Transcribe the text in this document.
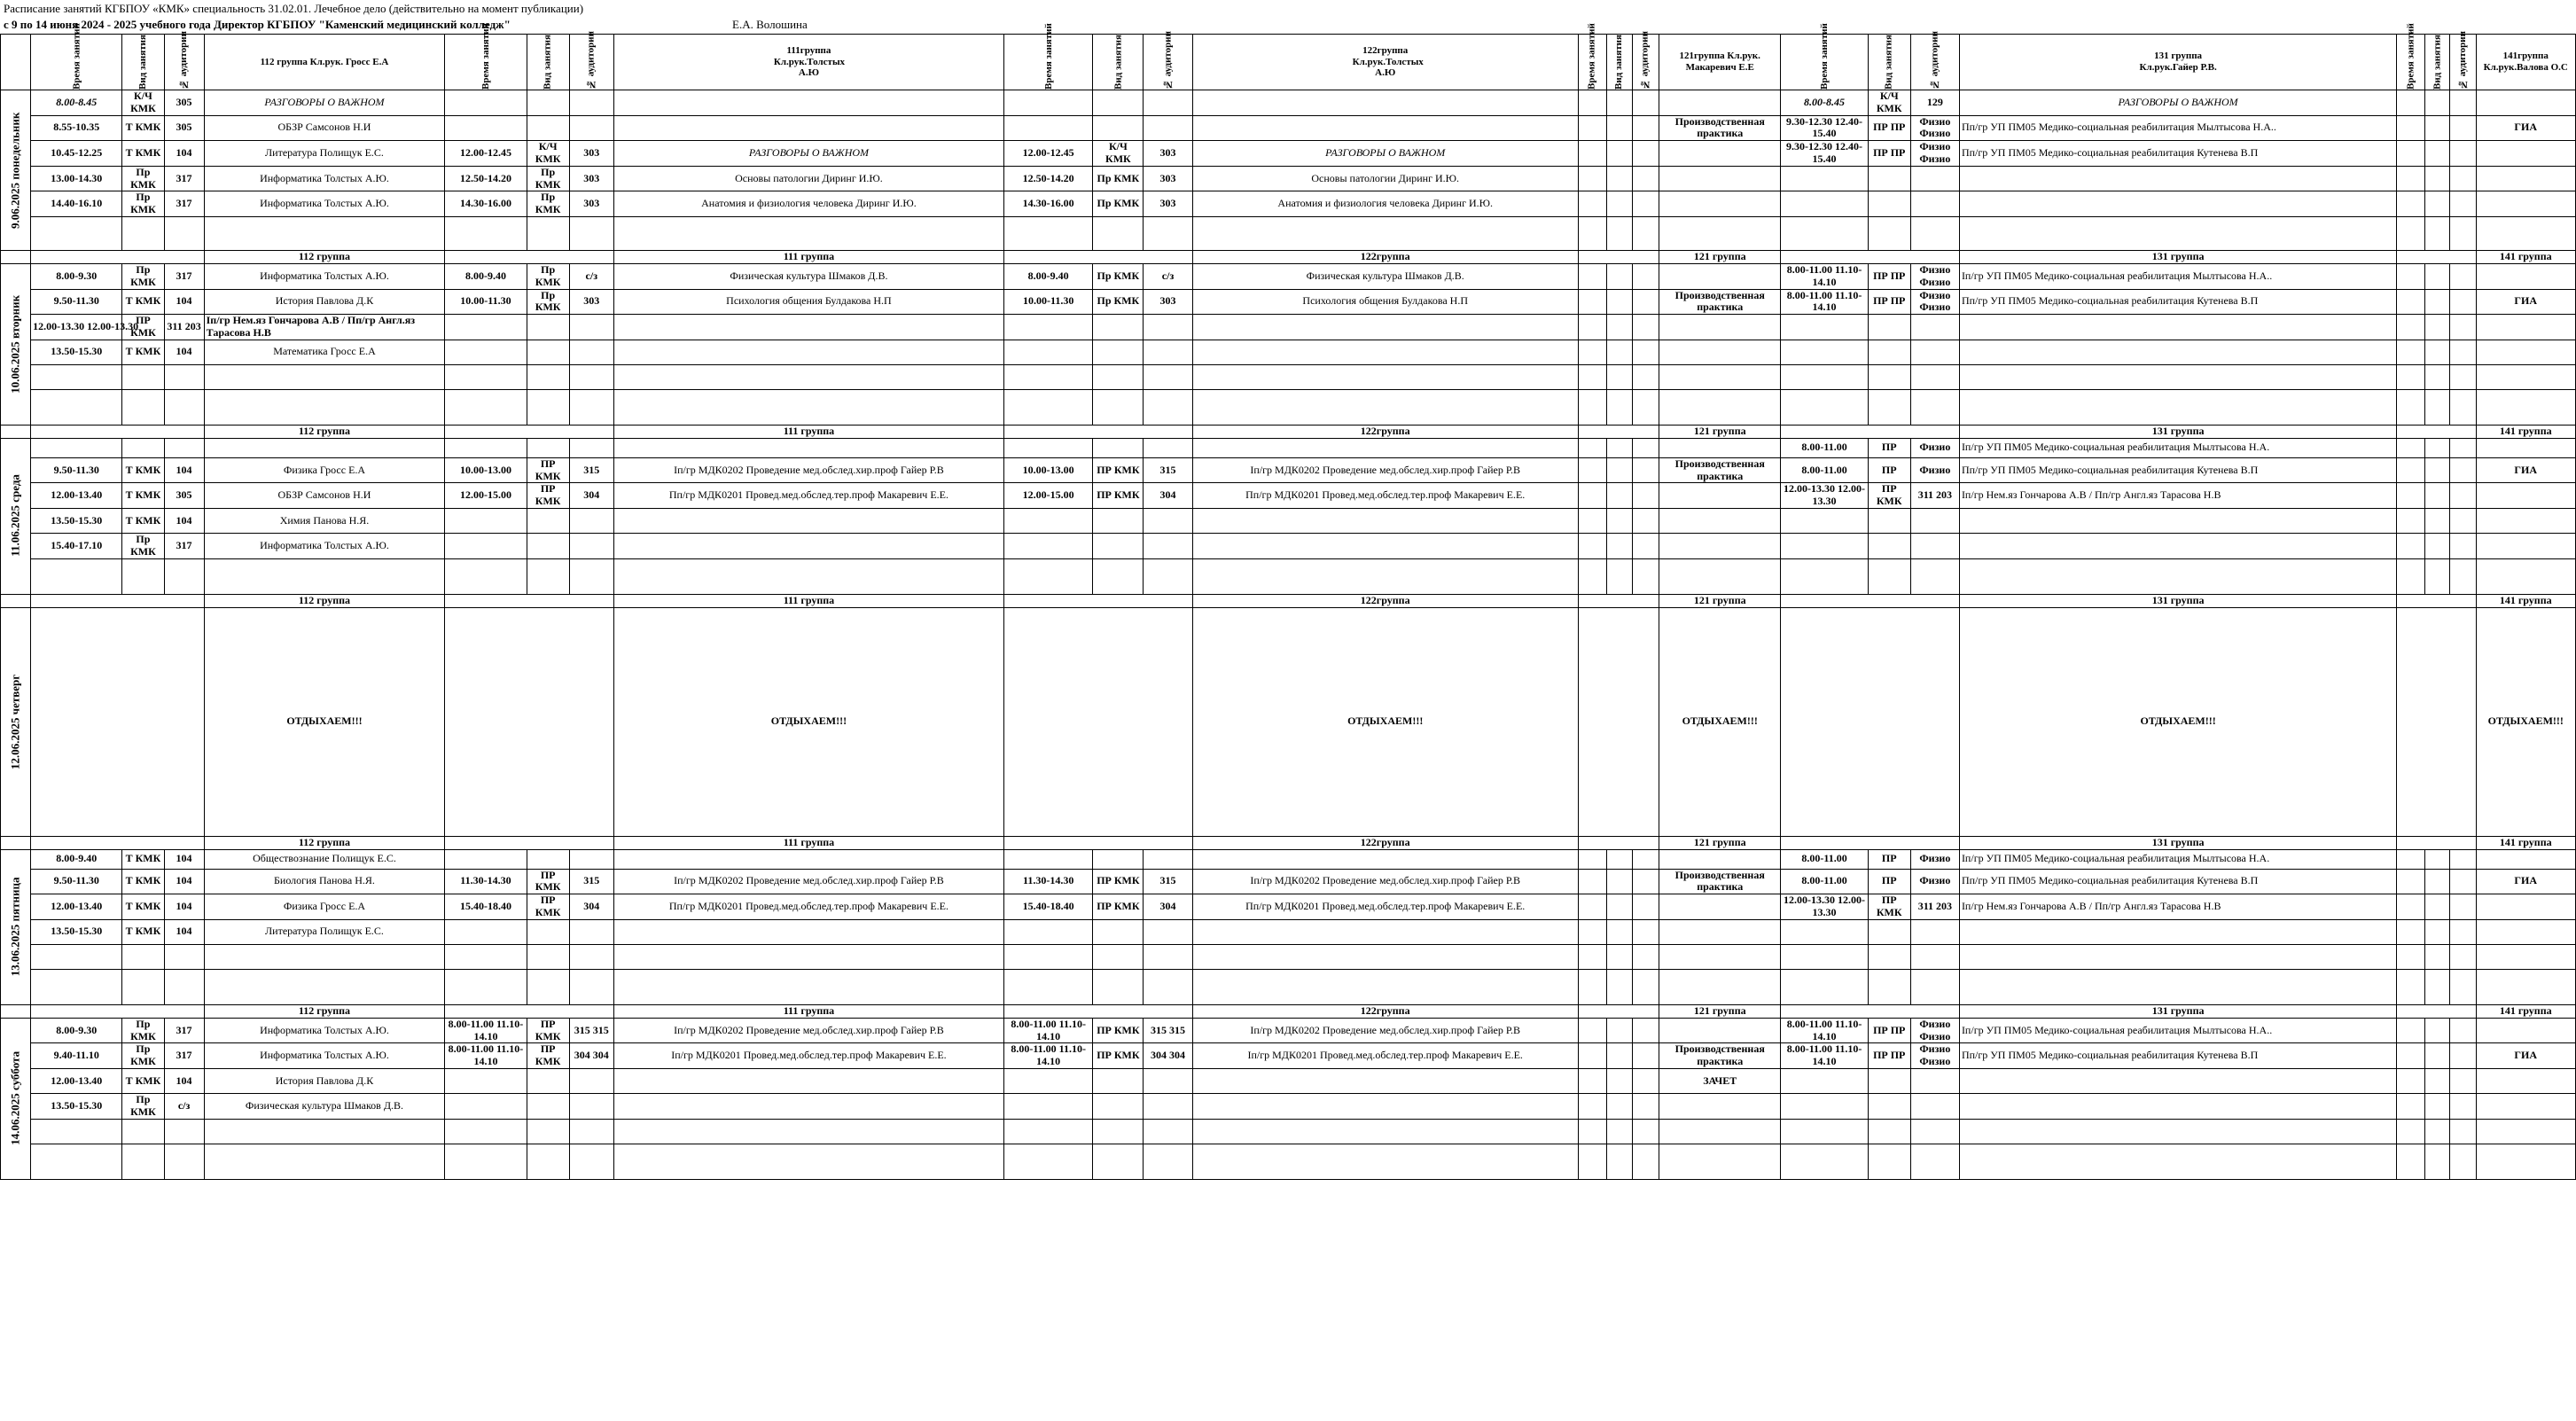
Расписание занятий КГБПОУ «КМК» специальность 31.02.01. Лечебное дело (действительно на момент публикации)
с 9 по 14 июня 2024 - 2025 учебного года Директор КГБПОУ "Каменский медицинский колледж"	Е.А. Волошина
	Время занятий	Вид занятия	№ аудитории	112 группа Кл.рук. Гросс Е.А	Время занятий	Вид занятия	№ аудитории	111группа Кл.рук.Толстых А.Ю	Время занятий	Вид занятия	№ аудитории	122группа Кл.рук.Толстых А.Ю	Время занятий	Вид занятия	№ аудитории	121группа Кл.рук. Макаревич Е.Е	Время занятий	Вид занятия	№ аудитории	131 группа Кл.рук.Гайер Р.В.	Время занятий	Вид занятия	№ аудитории	141группа Кл.рук.Валова О.С
9.06.2025 понедельник	8.00-8.45	К/Ч КМК	305	РАЗГОВОРЫ О ВАЖНОМ													8.00-8.45	К/Ч КМК	129	РАЗГОВОРЫ О ВАЖНОМ				
	8.55-10.35	Т КМК	305	ОБЗР Самсонов Н.И												Производственная практика	9.30-12.30 12.40-15.40	ПР ПР	Физио Физио	Пп/гр УП ПМ05 Медико-социальная реабилитация Мылтысова Н.А..				ГИА
	10.45-12.25	Т КМК	104	Литература Полищук Е.С.	12.00-12.45	К/Ч КМК	303	РАЗГОВОРЫ О ВАЖНОМ	12.00-12.45	К/Ч КМК	303	РАЗГОВОРЫ О ВАЖНОМ					9.30-12.30 12.40-15.40	ПР ПР	Физио Физио	Пп/гр УП ПМ05 Медико-социальная реабилитация Кутенева В.П				
	13.00-14.30	Пр КМК	317	Информатика Толстых А.Ю.	12.50-14.20	Пр КМК	303	Основы патологии Диринг И.Ю.	12.50-14.20	Пр КМК	303	Основы патологии Диринг И.Ю.												
	14.40-16.10	Пр КМК	317	Информатика Толстых А.Ю.	14.30-16.00	Пр КМК	303	Анатомия и физиология человека Диринг И.Ю.	14.30-16.00	Пр КМК	303	Анатомия и физиология человека Диринг И.Ю.												

				112 группа				111 группа				122группа				121 группа				131 группа				141 группа
10.06.2025 вторник	8.00-9.30	Пр КМК	317	Информатика Толстых А.Ю.	8.00-9.40	Пр КМК	с/з	Физическая культура Шмаков Д.В.	8.00-9.40	Пр КМК	с/з	Физическая культура Шмаков Д.В.					8.00-11.00 11.10-14.10	ПР ПР	Физио Физио	Iп/гр УП ПМ05 Медико-социальная реабилитация Мылтысова Н.А..				
	9.50-11.30	Т КМК	104	История Павлова Д.К	10.00-11.30	Пр КМК	303	Психология общения Булдакова Н.П	10.00-11.30	Пр КМК	303	Психология общения Булдакова Н.П				Производственная практика	8.00-11.00 11.10-14.10	ПР ПР	Физио Физио	Пп/гр УП ПМ05 Медико-социальная реабилитация Кутенева В.П				ГИА
	12.00-13.30 12.00-13.30	ПР КМК	311 203	Iп/гр Нем.яз Гончарова А.В / Пп/гр Англ.яз Тарасова Н.В																				
	13.50-15.30	Т КМК	104	Математика Гросс Е.А																				

				112 группа				111 группа				122группа				121 группа				131 группа				141 группа
11.06.2025 среда																	8.00-11.00	ПР	Физио	Iп/гр УП ПМ05 Медико-социальная реабилитация Мылтысова Н.А.				
	9.50-11.30	Т КМК	104	Физика Гросс Е.А	10.00-13.00	ПР КМК	315	Iп/гр МДК0202 Проведение мед.обслед.хир.проф Гайер Р.В	10.00-13.00	ПР КМК	315	Iп/гр МДК0202 Проведение мед.обслед.хир.проф Гайер Р.В				Производственная практика	8.00-11.00	ПР	Физио	Пп/гр УП ПМ05 Медико-социальная реабилитация Кутенева В.П				ГИА
	12.00-13.40	Т КМК	305	ОБЗР Самсонов Н.И	12.00-15.00	ПР КМК	304	Пп/гр МДК0201 Провед.мед.обслед.тер.проф Макаревич Е.Е.	12.00-15.00	ПР КМК	304	Пп/гр МДК0201 Провед.мед.обслед.тер.проф Макаревич Е.Е.					12.00-13.30 12.00-13.30	ПР КМК	311 203	Iп/гр Нем.яз Гончарова А.В / Пп/гр Англ.яз Тарасова Н.В				
	13.50-15.30	Т КМК	104	Химия Панова Н.Я.																				
	15.40-17.10	Пр КМК	317	Информатика Толстых А.Ю.																				

				112 группа				111 группа				122группа				121 группа				131 группа				141 группа
12.06.2025 четверг				ОТДЫХАЕМ!!!				ОТДЫХАЕМ!!!				ОТДЫХАЕМ!!!				ОТДЫХАЕМ!!!				ОТДЫХАЕМ!!!				ОТДЫХАЕМ!!!
				112 группа				111 группа				122группа				121 группа				131 группа				141 группа
13.06.2025 пятница	8.00-9.40	Т КМК	104	Обществознание Полищук Е.С.													8.00-11.00	ПР	Физио	Iп/гр УП ПМ05 Медико-социальная реабилитация Мылтысова Н.А.				
	9.50-11.30	Т КМК	104	Биология Панова Н.Я.	11.30-14.30	ПР КМК	315	Iп/гр МДК0202 Проведение мед.обслед.хир.проф Гайер Р.В	11.30-14.30	ПР КМК	315	Iп/гр МДК0202 Проведение мед.обслед.хир.проф Гайер Р.В				Производственная практика	8.00-11.00	ПР	Физио	Пп/гр УП ПМ05 Медико-социальная реабилитация Кутенева В.П				ГИА
	12.00-13.40	Т КМК	104	Физика Гросс Е.А	15.40-18.40	ПР КМК	304	Пп/гр МДК0201 Провед.мед.обслед.тер.проф Макаревич Е.Е.	15.40-18.40	ПР КМК	304	Пп/гр МДК0201 Провед.мед.обслед.тер.проф Макаревич Е.Е.					12.00-13.30 12.00-13.30	ПР КМК	311 203	Iп/гр Нем.яз Гончарова А.В / Пп/гр Англ.яз Тарасова Н.В				
	13.50-15.30	Т КМК	104	Литература Полищук Е.С.																				

				112 группа				111 группа				122группа				121 группа				131 группа				141 группа
14.06.2025 суббота	8.00-9.30	Пр КМК	317	Информатика Толстых А.Ю.	8.00-11.00 11.10-14.10	ПР КМК	315 315	Iп/гр МДК0202 Проведение мед.обслед.хир.проф Гайер Р.В	8.00-11.00 11.10-14.10	ПР КМК	315 315	Iп/гр МДК0202 Проведение мед.обслед.хир.проф Гайер Р.В					8.00-11.00 11.10-14.10	ПР ПР	Физио Физио	Iп/гр УП ПМ05 Медико-социальная реабилитация Мылтысова Н.А..				
	9.40-11.10	Пр КМК	317	Информатика Толстых А.Ю.	8.00-11.00 11.10-14.10	ПР КМК	304 304	Iп/гр МДК0201 Провед.мед.обслед.тер.проф Макаревич Е.Е.	8.00-11.00 11.10-14.10	ПР КМК	304 304	Iп/гр МДК0201 Провед.мед.обслед.тер.проф Макаревич Е.Е.				Производственная практика	8.00-11.00 11.10-14.10	ПР ПР	Физио Физио	Пп/гр УП ПМ05 Медико-социальная реабилитация Кутенева В.П				ГИА
	12.00-13.40	Т КМК	104	История Павлова Д.К												ЗАЧЕТ								
	13.50-15.30	Пр КМК	с/з	Физическая культура Шмаков Д.В.																				
